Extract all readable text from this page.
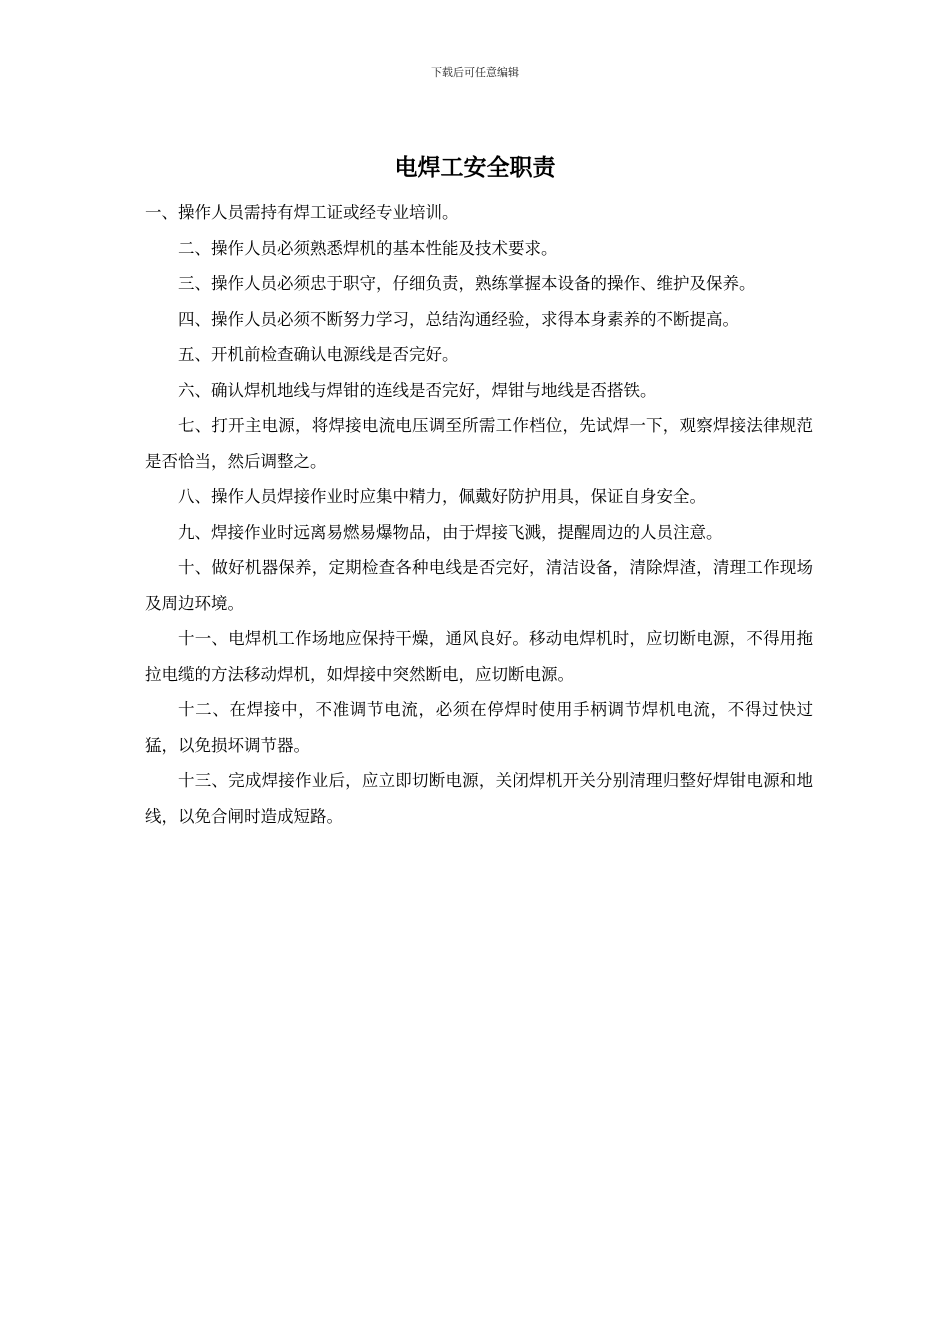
下载后可任意编辑
电焊工安全职责

一、操作人员需持有焊工证或经专业培训。

二、操作人员必须熟悉焊机的基本性能及技术要求。

三、操作人员必须忠于职守，仔细负责，熟练掌握本设备的操作、维护及保养。

四、操作人员必须不断努力学习，总结沟通经验，求得本身素养的不断提高。

五、开机前检查确认电源线是否完好。

六、确认焊机地线与焊钳的连线是否完好，焊钳与地线是否搭铁。

七、打开主电源，将焊接电流电压调至所需工作档位，先试焊一下，观察焊接法律规范是否恰当，然后调整之。

八、操作人员焊接作业时应集中精力，佩戴好防护用具，保证自身安全。

九、焊接作业时远离易燃易爆物品，由于焊接飞溅，提醒周边的人员注意。

十、做好机器保养，定期检查各种电线是否完好，清洁设备，清除焊渣，清理工作现场及周边环境。

十一、电焊机工作场地应保持干燥，通风良好。移动电焊机时，应切断电源，不得用拖拉电缆的方法移动焊机，如焊接中突然断电，应切断电源。

十二、在焊接中，不准调节电流，必须在停焊时使用手柄调节焊机电流，不得过快过猛，以免损坏调节器。

十三、完成焊接作业后，应立即切断电源，关闭焊机开关分别清理归整好焊钳电源和地线，以免合闸时造成短路。
